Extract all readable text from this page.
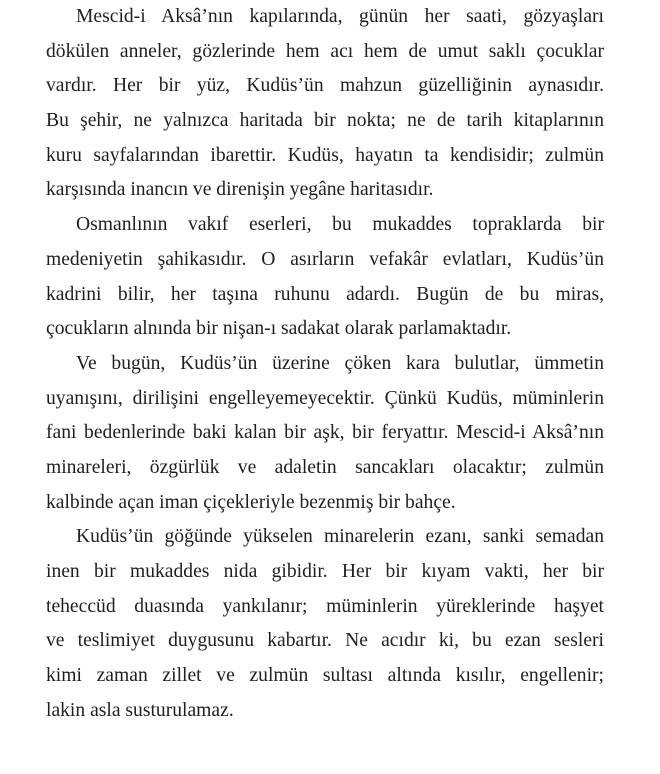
Mescid-i Aksâ’nın kapılarında, günün her saati, gözyaşları
dökülen anneler, gözlerinde hem acı hem de umut saklı çocuklar
vardır. Her bir yüz, Kudüs’ün mahzun güzelliğinin aynasıdır.
Bu şehir, ne yalnızca haritada bir nokta; ne de tarih kitaplarının
kuru sayfalarından ibarettir. Kudüs, hayatın ta kendisidir; zulmün
karşısında inancın ve direnişin yegâne haritasıdır.
Osmanlının vakıf eserleri, bu mukaddes topraklarda bir
medeniyetin şahikasıdır. O asırların vefakâr evlatları, Kudüs’ün
kadrini bilir, her taşına ruhunu adardı. Bugün de bu miras,
çocukların alnında bir nişan-ı sadakat olarak parlamaktadır.
Ve bugün, Kudüs’ün üzerine çöken kara bulutlar, ümmetin
uyanışını, dirilişini engelleyemeyecektir. Çünkü Kudüs, müminlerin
fani bedenlerinde baki kalan bir aşk, bir feryattır. Mescid-i Aksâ’nın
minareleri, özgürlük ve adaletin sancakları olacaktır; zulmün
kalbinde açan iman çiçekleriyle bezenmiş bir bahçe.
Kudüs’ün göğünde yükselen minarelerin ezanı, sanki semadan
inen bir mukaddes nida gibidir. Her bir kıyam vakti, her bir
teheccüd duasında yankılanır; müminlerin yüreklerinde haşyet
ve teslimiyet duygusunu kabartır. Ne acıdır ki, bu ezan sesleri
kimi zaman zillet ve zulmün sultası altında kısılır, engellenir;
lakin asla susturulamaz.
